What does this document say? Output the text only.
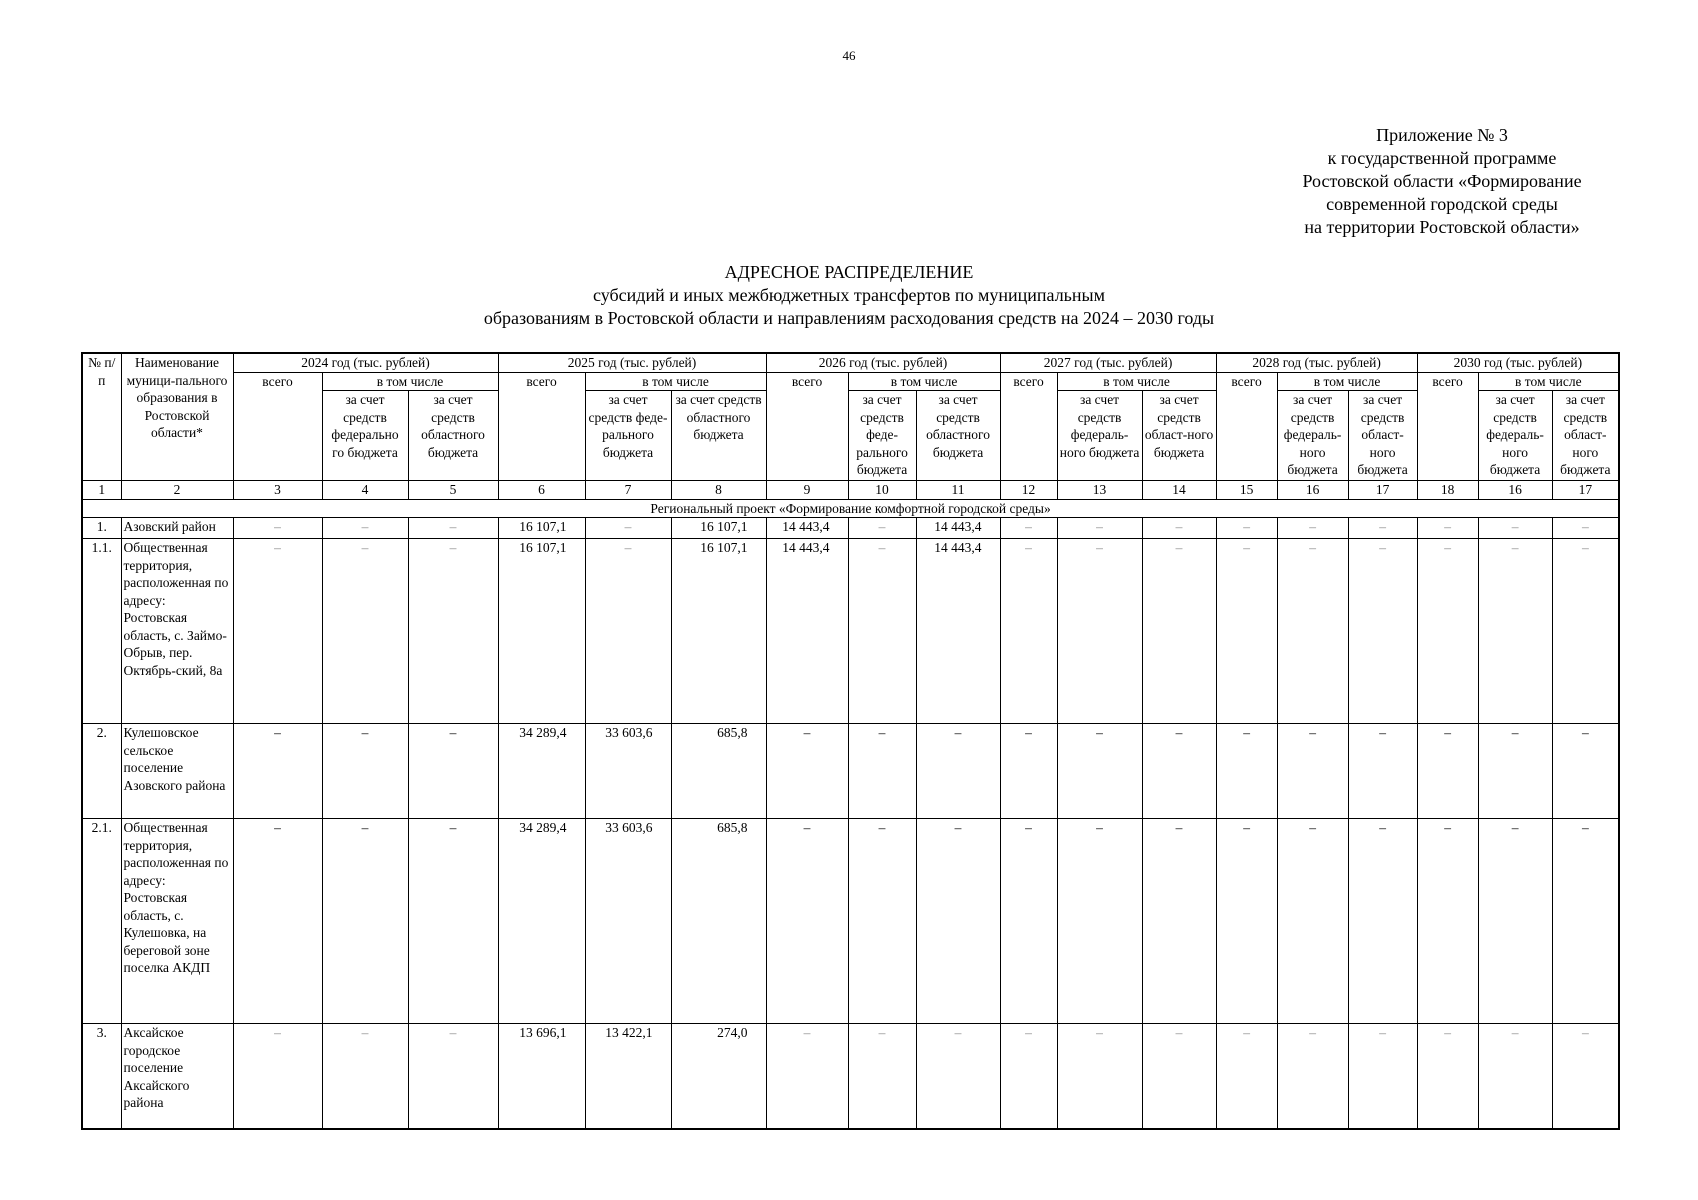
46
Приложение № 3
к государственной программе
Ростовской области «Формирование
современной городской среды
на территории Ростовской области»
АДРЕСНОЕ РАСПРЕДЕЛЕНИЕ
субсидий и иных межбюджетных трансфертов по муниципальным
образованиям в Ростовской области и направлениям расходования средств на 2024 – 2030 годы
№ п/п	Наименование муници-пального образования в Ростовской области*	2024 год (тыс. рублей)			2025 год (тыс. рублей)			2026 год (тыс. рублей)			2027 год (тыс. рублей)			2028 год (тыс. рублей)			2030 год (тыс. рублей)		
		всего	в том числе		всего	в том числе		всего	в том числе		всего	в том числе		всего	в том числе		всего	в том числе	
			за счет средств федерально го бюджета	за счет средств областного бюджета		за счет средств феде-рального бюджета	за счет средств областного бюджета		за счет средств феде-рального бюджета	за счет средств областного бюджета		за счет средств федераль-ного бюджета	за счет средств област-ного бюджета		за счет средств федераль-ного бюджета	за счет средств област-ного бюджета		за счет средств федераль-ного бюджета	за счет средств област-ного бюджета
1	2	3	4	5	6	7	8	9	10	11	12	13	14	15	16	17	18	16	17
Региональный проект «Формирование комфортной городской среды»																			
1.	Азовский район	–	–	–	16 107,1	–	16 107,1	14 443,4	–	14 443,4	–	–	–	–	–	–	–	–	–
1.1.	Общественная территория, расположенная по адресу: Ростовская область, с. Займо-Обрыв, пер. Октябрь-ский, 8а	–	–	–	16 107,1	–	16 107,1	14 443,4	–	14 443,4	–	–	–	–	–	–	–	–	–
2.	Кулешовское сельское поселение Азовского района	–	–	–	34 289,4	33 603,6	685,8	–	–	–	–	–	–	–	–	–	–	–	–
2.1.	Общественная территория, расположенная по адресу: Ростовская область, с. Кулешовка, на береговой зоне поселка АКДП	–	–	–	34 289,4	33 603,6	685,8	–	–	–	–	–	–	–	–	–	–	–	–
3.	Аксайское городское поселение Аксайского района	–	–	–	13 696,1	13 422,1	274,0	–	–	–	–	–	–	–	–	–	–	–	–
